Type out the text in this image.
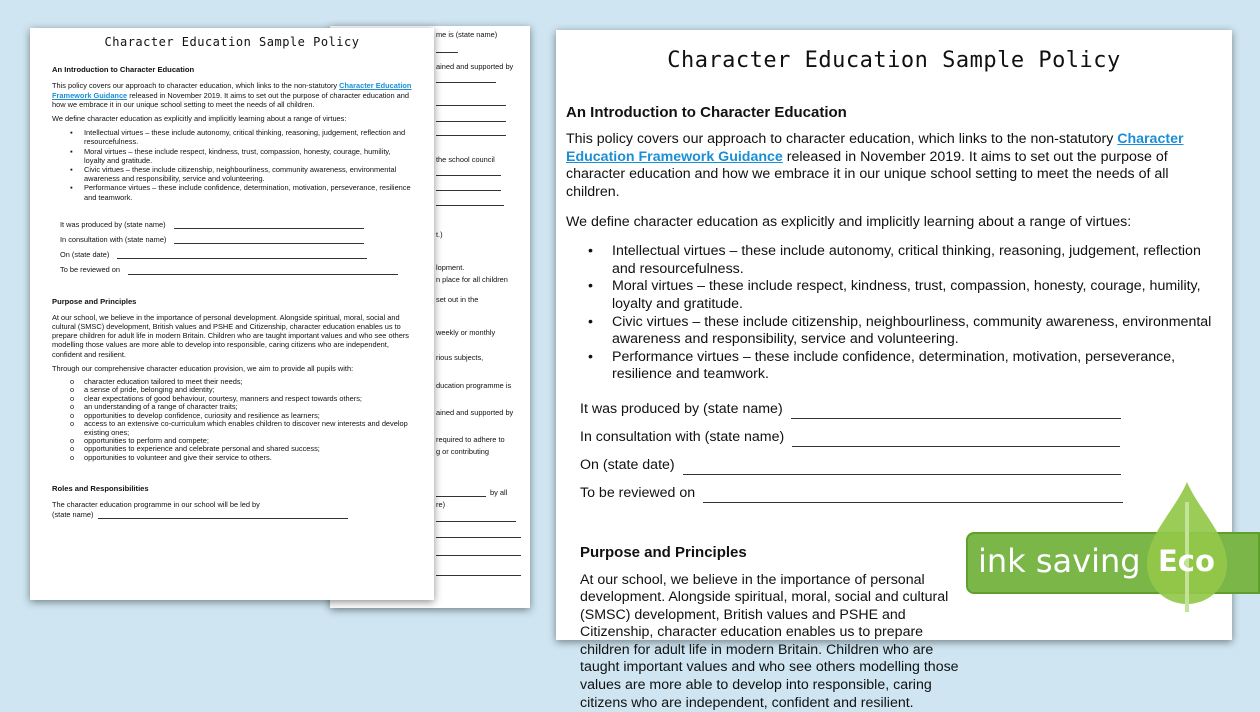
me is (state name)
ained and supported by
the school council
t.)
lopment.
n place for all children
set out in the
weekly or monthly
rious subjects,
ducation programme is
ained and supported by
required to adhere to
g or contributing
by all
re)
Character Education Sample Policy
An Introduction to Character Education

This policy covers our approach to character education, which links to the non-statutory Character Education Framework Guidance released in November 2019. It aims to set out the purpose of character education and how we embrace it in our unique school setting to meet the needs of all children.

We define character education as explicitly and implicitly learning about a range of virtues:

▪ Intellectual virtues – these include autonomy, critical thinking, reasoning, judgement, reflection and resourcefulness.
▪ Moral virtues – these include respect, kindness, trust, compassion, honesty, courage, humility, loyalty and gratitude.
▪ Civic virtues – these include citizenship, neighbourliness, community awareness, environmental awareness and responsibility, service and volunteering.
▪ Performance virtues – these include confidence, determination, motivation, perseverance, resilience and teamwork.
It was produced by (state name)
In consultation with (state name)
On (state date)
To be reviewed on
Purpose and Principles

At our school, we believe in the importance of personal development. Alongside spiritual, moral, social and cultural (SMSC) development, British values and PSHE and Citizenship, character education enables us to prepare children for adult life in modern Britain. Children who are taught important values and who see others modelling those values are more able to develop into responsible, caring citizens who are independent, confident and resilient.

Through our comprehensive character education provision, we aim to provide all pupils with:

o character education tailored to meet their needs;
o a sense of pride, belonging and identity;
o clear expectations of good behaviour, courtesy, manners and respect towards others;
o an understanding of a range of character traits;
o opportunities to develop confidence, curiosity and resilience as learners;
o access to an extensive co-curriculum which enables children to discover new interests and develop existing ones;
o opportunities to perform and compete;
o opportunities to experience and celebrate personal and shared success;
o opportunities to volunteer and give their service to others.
Roles and Responsibilities

The character education programme in our school will be led by

(state name)
Character Education Sample Policy
An Introduction to Character Education

This policy covers our approach to character education, which links to the non-statutory Character Education Framework Guidance released in November 2019. It aims to set out the purpose of character education and how we embrace it in our unique school setting to meet the needs of all children.

We define character education as explicitly and implicitly learning about a range of virtues:

• Intellectual virtues – these include autonomy, critical thinking, reasoning, judgement, reflection and resourcefulness.
• Moral virtues – these include respect, kindness, trust, compassion, honesty, courage, humility, loyalty and gratitude.
• Civic virtues – these include citizenship, neighbourliness, community awareness, environmental awareness and responsibility, service and volunteering.
• Performance virtues – these include confidence, determination, motivation, perseverance, resilience and teamwork.
It was produced by (state name)
In consultation with (state name)
On (state date)
To be reviewed on
Purpose and Principles

At our school, we believe in the importance of personal development. Alongside spiritual, moral, social and cultural (SMSC) development, British values and PSHE and Citizenship, character education enables us to prepare children for adult life in modern Britain. Children who are taught important values and who see others modelling those values are more able to develop into responsible, caring citizens who are independent, confident and resilient.

ink saving Eco
